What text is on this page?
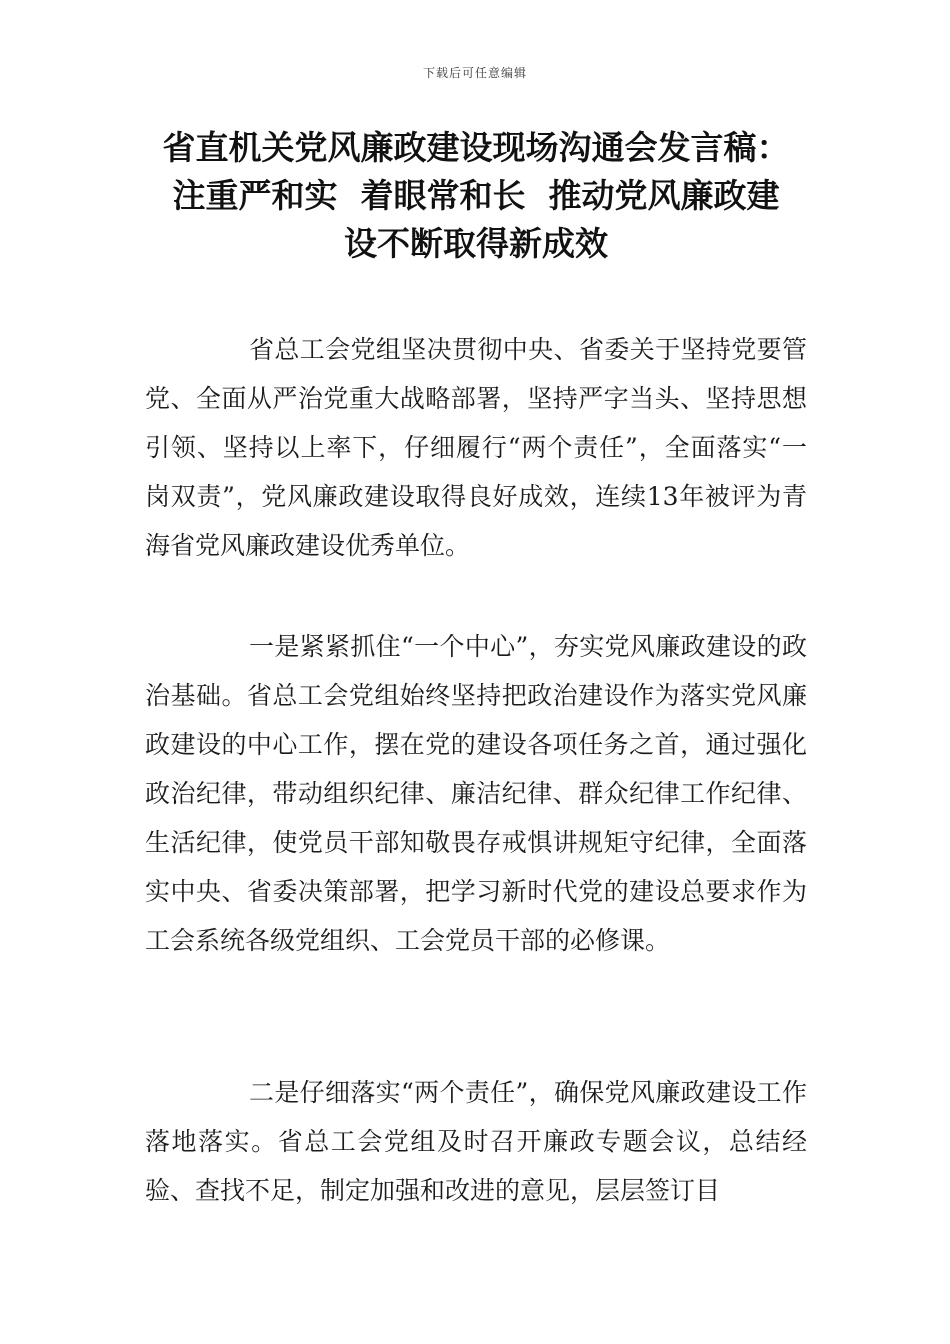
下载后可任意编辑
省直机关党风廉政建设现场沟通会发言稿：
注重严和实  着眼常和长  推动党风廉政建
设不断取得新成效

省总工会党组坚决贯彻中央、省委关于坚持党要管党、全面从严治党重大战略部署，坚持严字当头、坚持思想引领、坚持以上率下，仔细履行“两个责任”，全面落实“一岗双责”，党风廉政建设取得良好成效，连续13年被评为青海省党风廉政建设优秀单位。

一是紧紧抓住“一个中心”，夯实党风廉政建设的政治基础。省总工会党组始终坚持把政治建设作为落实党风廉政建设的中心工作，摆在党的建设各项任务之首，通过强化政治纪律，带动组织纪律、廉洁纪律、群众纪律工作纪律、生活纪律，使党员干部知敬畏存戒惧讲规矩守纪律，全面落实中央、省委决策部署，把学习新时代党的建设总要求作为工会系统各级党组织、工会党员干部的必修课。

二是仔细落实“两个责任”，确保党风廉政建设工作落地落实。省总工会党组及时召开廉政专题会议，总结经验、查找不足，制定加强和改进的意见，层层签订目
